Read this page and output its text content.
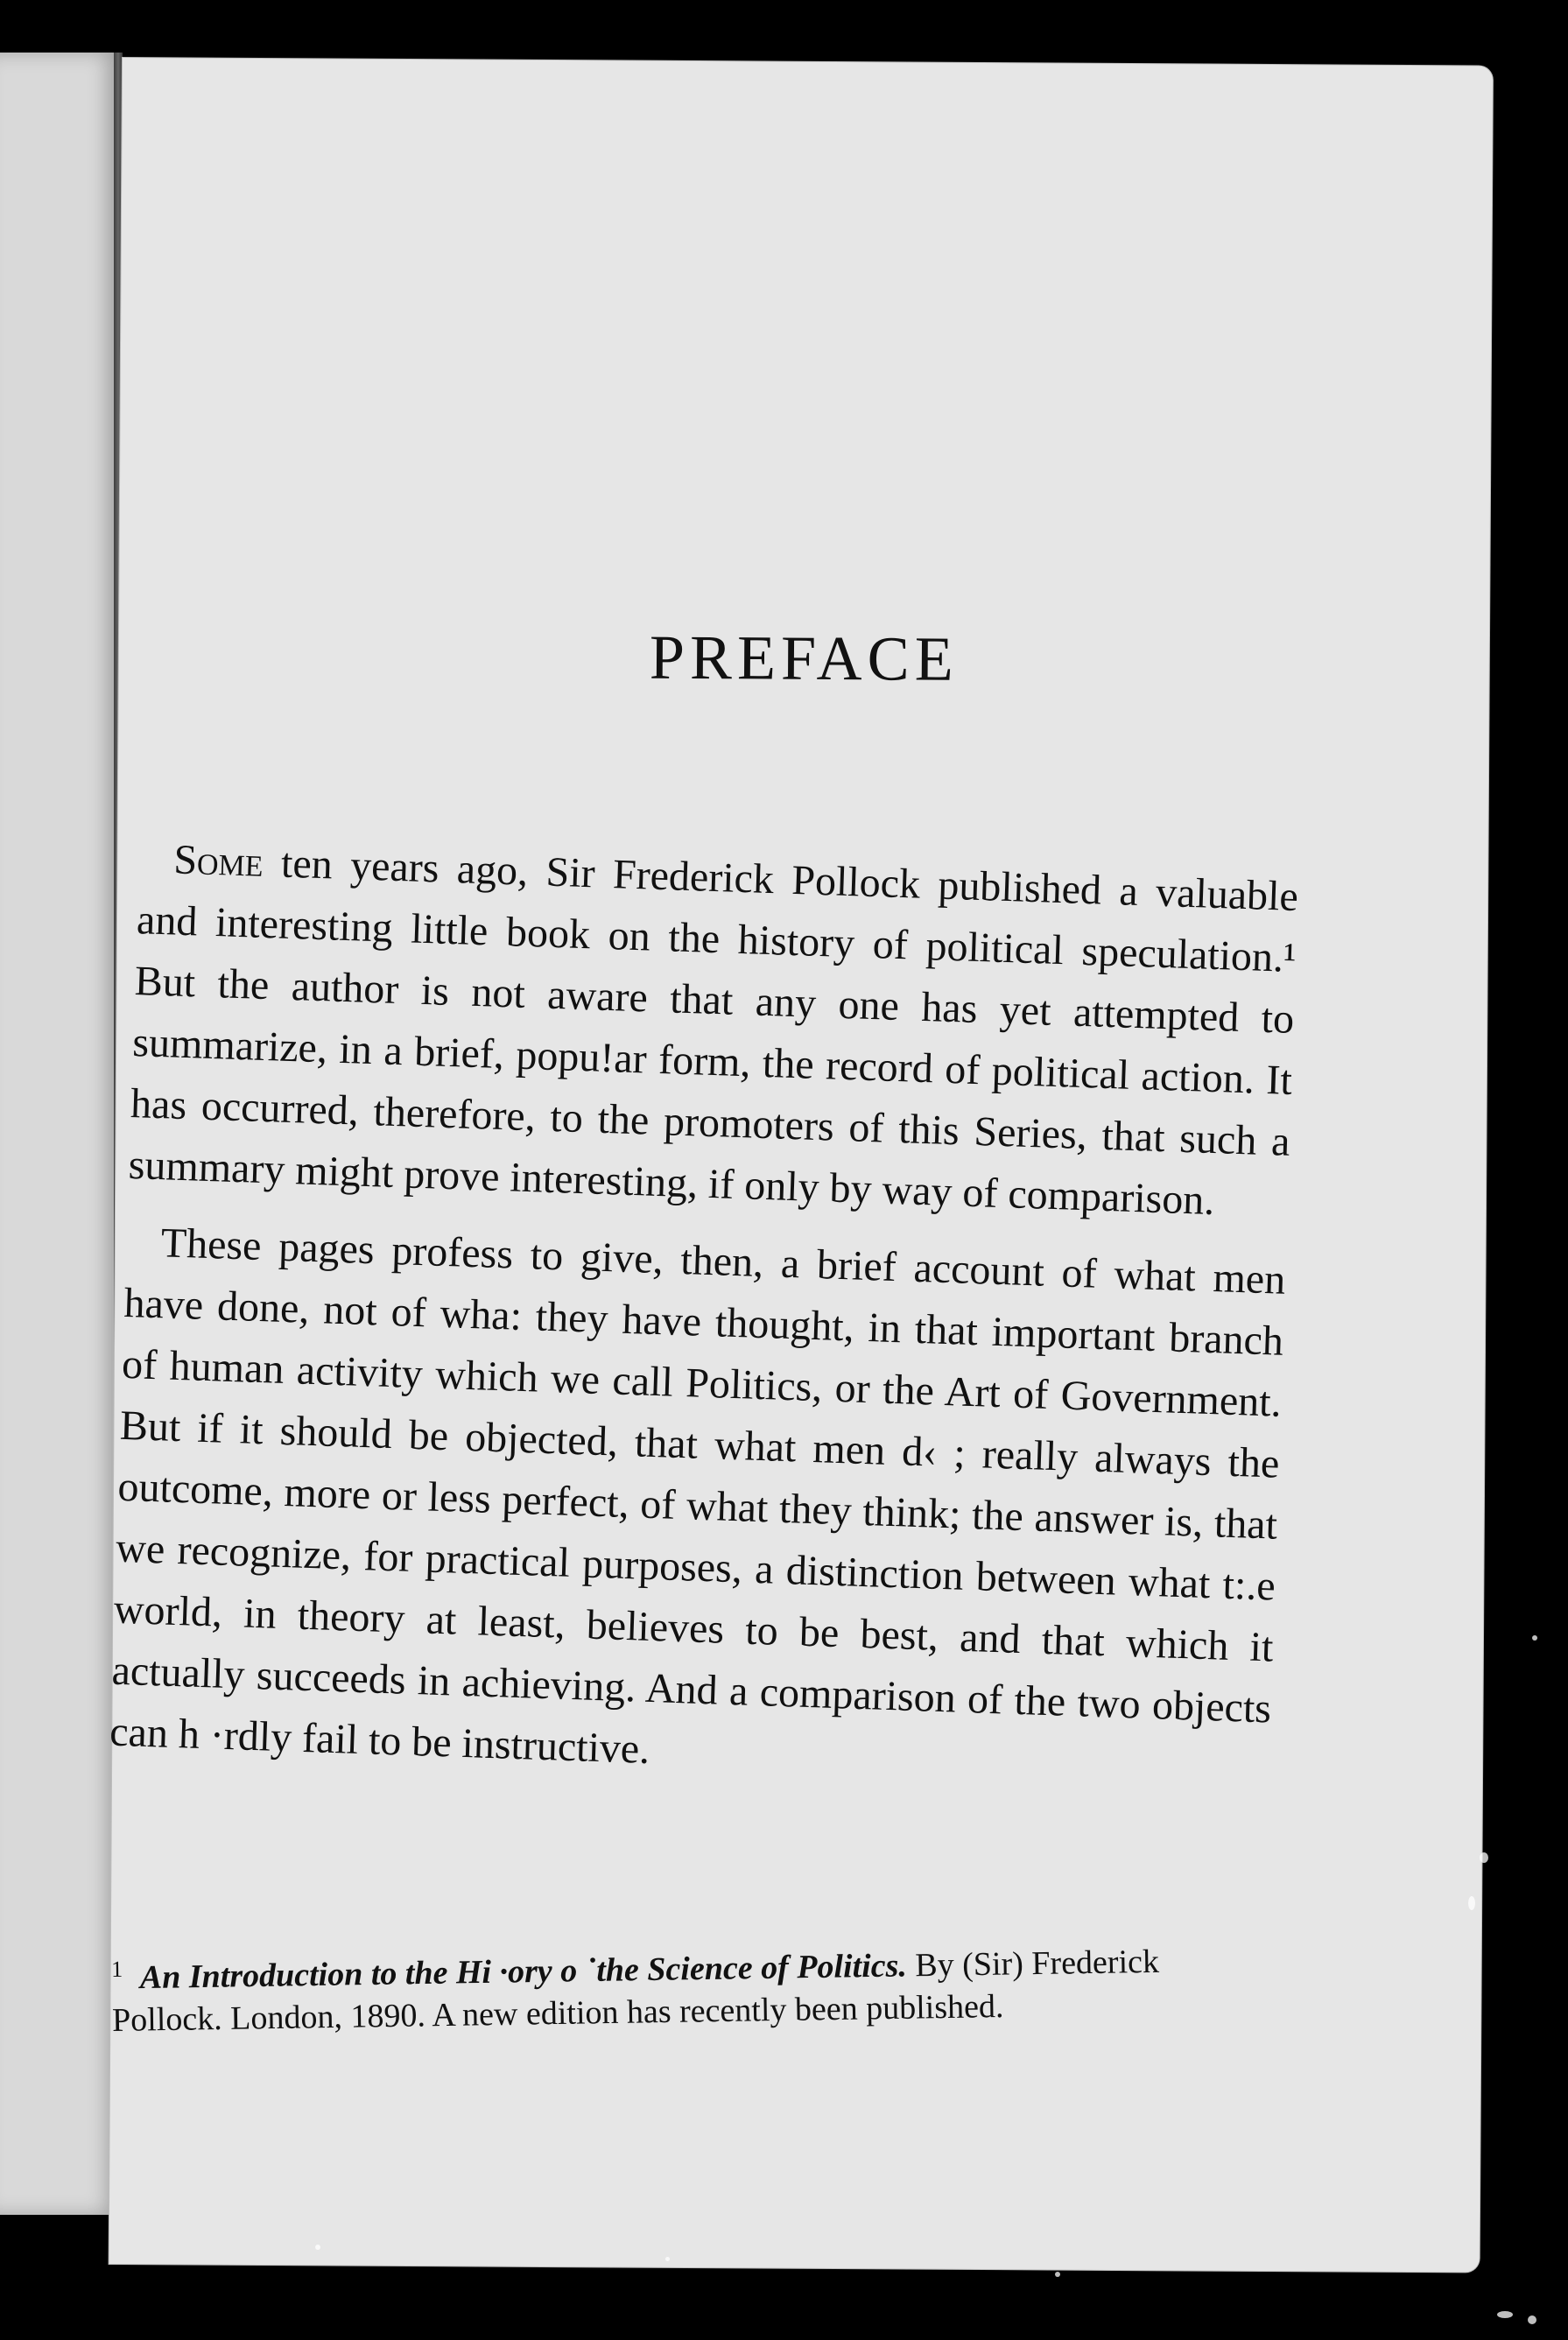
PREFACE

Some ten years ago, Sir Frederick Pollock published a valuable and interesting little book on the history of political speculation.¹ But the author is not aware that any one has yet attempted to summarize, in a brief, popu!ar form, the record of political action. It has occurred, therefore, to the promoters of this Series, that such a summary might prove interesting, if only by way of comparison.

These pages profess to give, then, a brief account of what men have done, not of wha: they have thought, in that important branch of human activity which we call Politics, or the Art of Government. But if it should be objected, that what men d‹ ; really always the outcome, more or less perfect, of what they think; the answer is, that we recognize, for practical purposes, a distinction between what t:.e world, in theory at least, believes to be best, and that which it actually succeeds in achieving. And a comparison of the two objects can h ·rdly fail to be instructive.

$^1$ An Introduction to the Hi ·ory o ˙the Science of Politics. By (Sir) Frederick Pollock. London, 1890. A new edition has recently been published.
